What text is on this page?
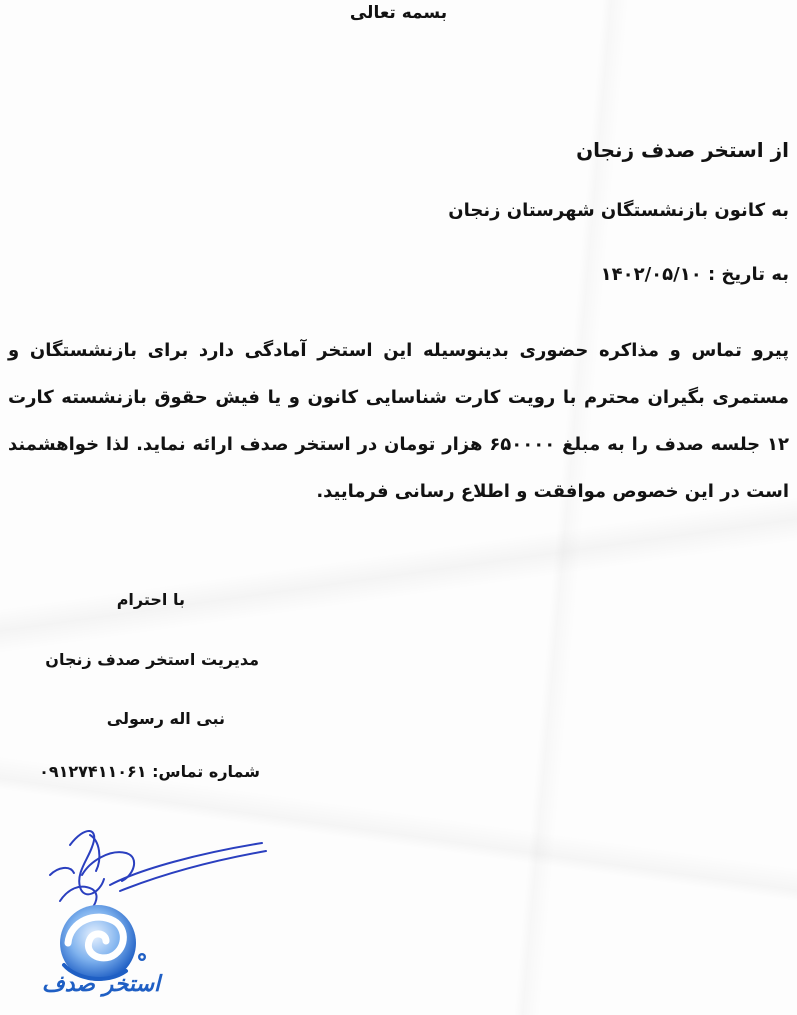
بسمه تعالی
از استخر صدف زنجان
به کانون بازنشستگان شهرستان زنجان
به تاریخ : ۱۴۰۲/۰۵/۱۰
پیرو تماس و مذاکره حضوری بدینوسیله این استخر آمادگی دارد برای بازنشستگان و مستمری بگیران محترم با رویت کارت شناسایی کانون و یا فیش حقوق بازنشسته کارت ۱۲ جلسه صدف را به مبلغ ۶۵۰۰۰۰ هزار تومان در استخر صدف ارائه نماید. لذا خواهشمند است در این خصوص موافقت و اطلاع رسانی فرمایید.
با احترام
مدیریت استخر صدف زنجان
نبی اله رسولی
شماره تماس: ۰۹۱۲۷۴۱۱۰۶۱
استخر صدف
